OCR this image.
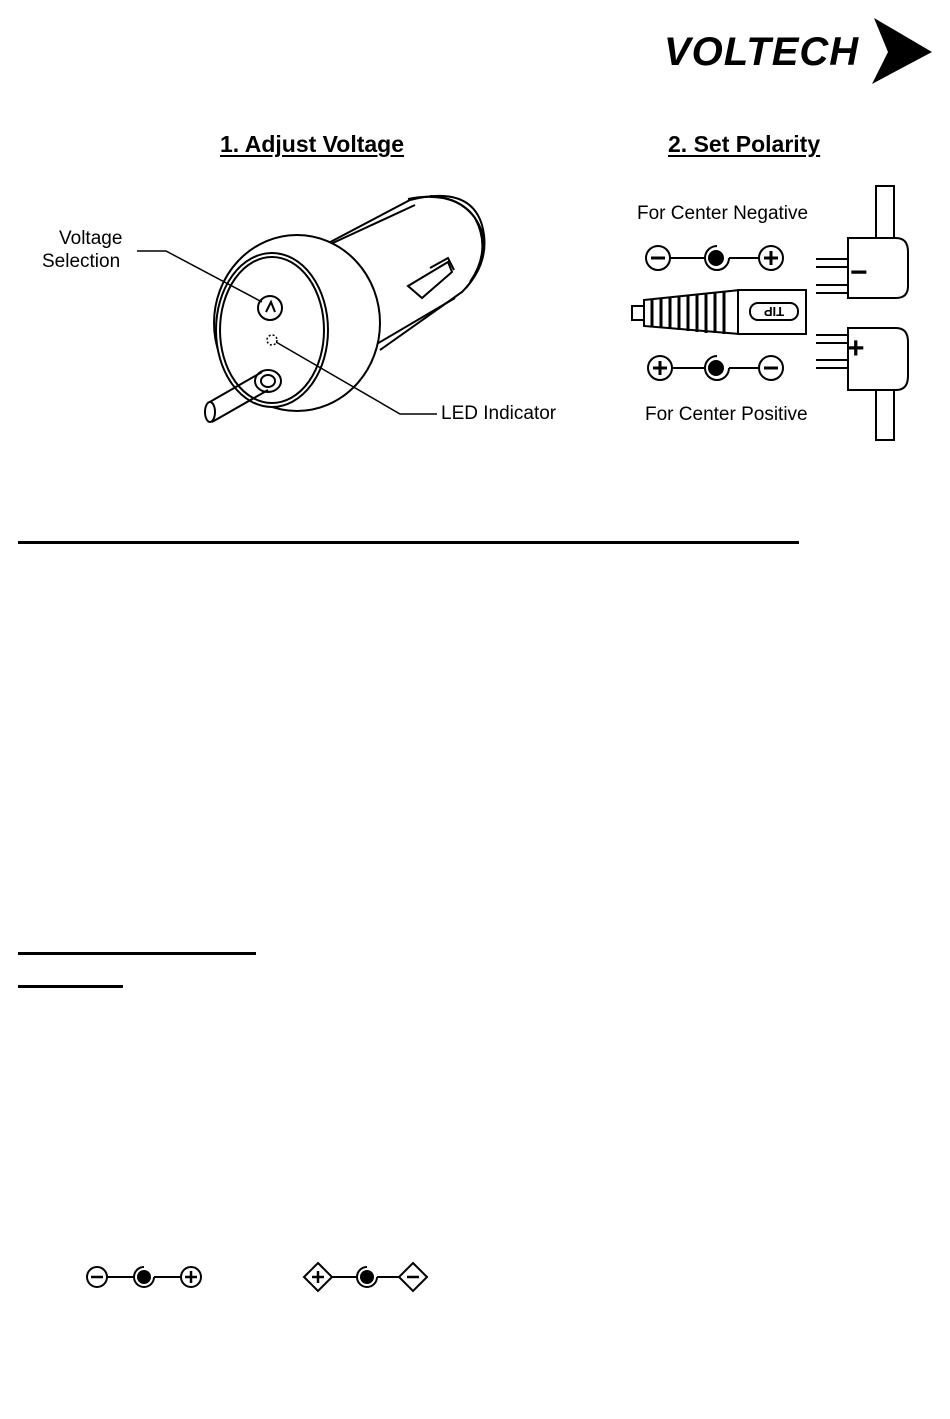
VOLTECH
1. Adjust Voltage	2. Set Polarity
Voltage
Selection
LED Indicator
For Center Negative
For Center Positive
TIP
−
+
